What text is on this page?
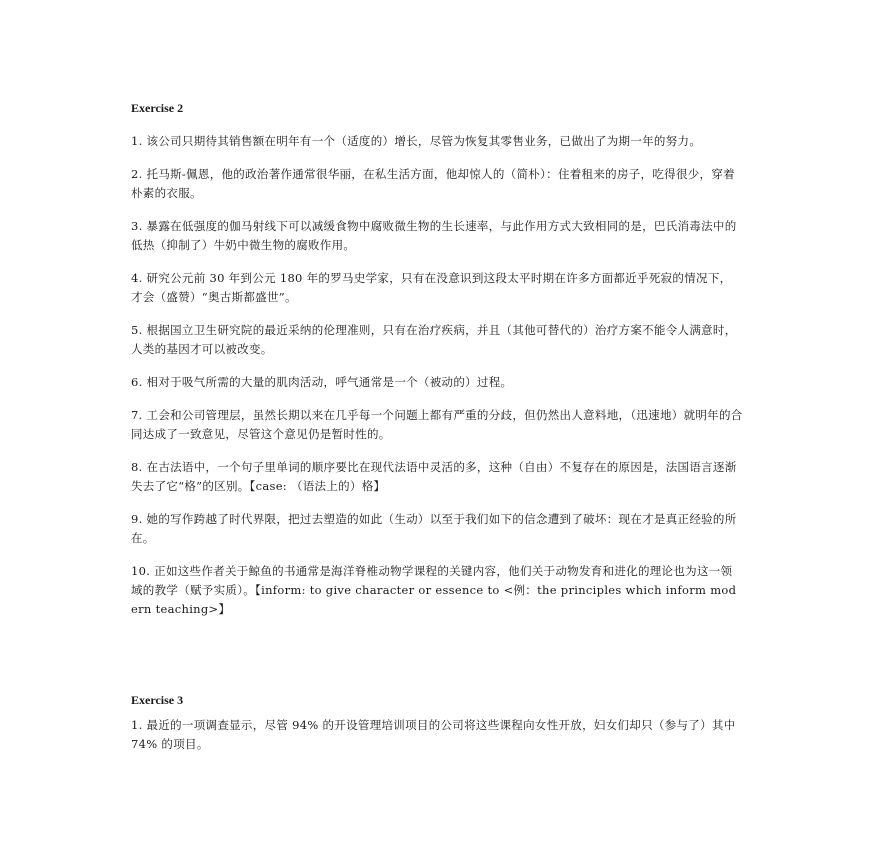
Exercise 2

1. 该公司只期待其销售额在明年有一个（适度的）增长，尽管为恢复其零售业务，已做出了为期一年的努力。

2. 托马斯-佩恩，他的政治著作通常很华丽，在私生活方面，他却惊人的（简朴）：住着租来的房子，吃得很少，穿着朴素的衣服。

3. 暴露在低强度的伽马射线下可以减缓食物中腐败微生物的生长速率，与此作用方式大致相同的是，巴氏消毒法中的低热（抑制了）牛奶中微生物的腐败作用。

4. 研究公元前 30 年到公元 180 年的罗马史学家，只有在没意识到这段太平时期在许多方面都近乎死寂的情况下，才会（盛赞）“奥古斯都盛世”。

5. 根据国立卫生研究院的最近采纳的伦理准则，只有在治疗疾病，并且（其他可替代的）治疗方案不能令人满意时，人类的基因才可以被改变。

6. 相对于吸气所需的大量的肌肉活动，呼气通常是一个（被动的）过程。

7. 工会和公司管理层，虽然长期以来在几乎每一个问题上都有严重的分歧，但仍然出人意料地，（迅速地）就明年的合同达成了一致意见，尽管这个意见仍是暂时性的。

8. 在古法语中，一个句子里单词的顺序要比在现代法语中灵活的多，这种（自由）不复存在的原因是，法国语言逐渐失去了它“格”的区别。【case: （语法上的）格】

9. 她的写作跨越了时代界限，把过去塑造的如此（生动）以至于我们如下的信念遭到了破坏：现在才是真正经验的所在。

10. 正如这些作者关于鲸鱼的书通常是海洋脊椎动物学课程的关键内容，他们关于动物发育和进化的理论也为这一领域的教学（赋予实质）。【inform: to give character or essence to <例：the principles which inform modern teaching>】

Exercise 3

1. 最近的一项调查显示，尽管 94% 的开设管理培训项目的公司将这些课程向女性开放，妇女们却只（参与了）其中 74% 的项目。
